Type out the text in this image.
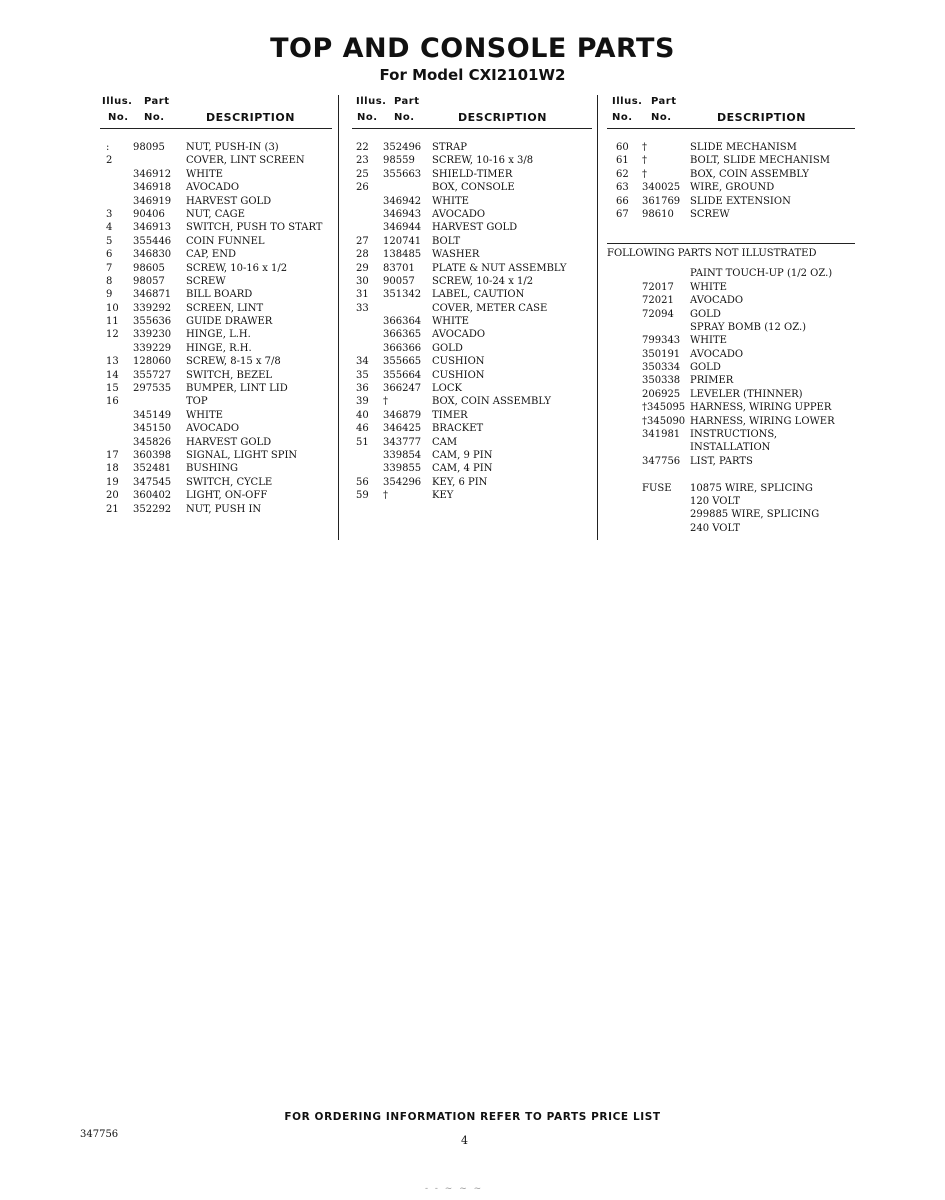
TOP AND CONSOLE PARTS
For Model CXI2101W2
Illus. Part
No. No.	DESCRIPTION
:	98095 NUT, PUSH-IN (3)
2	COVER, LINT SCREEN
346912 WHITE
346918 AVOCADO
346919 HARVEST GOLD
3	90406 NUT, CAGE
4	346913 SWITCH, PUSH TO START
5	355446 COIN FUNNEL
6	346830 CAP, END
7	98605 SCREW, 10-16 x 1/2
8	98057 SCREW
9	346871 BILL BOARD
10	339292 SCREEN, LINT
11	355636 GUIDE DRAWER
12	339230 HINGE, L.H.
339229 HINGE, R.H.
13	128060 SCREW, 8-15 x 7/8
14	355727 SWITCH, BEZEL
15	297535 BUMPER, LINT LID
16	TOP
345149 WHITE
345150 AVOCADO
345826 HARVEST GOLD
17	360398 SIGNAL, LIGHT SPIN
18	352481 BUSHING
19	347545 SWITCH, CYCLE
20	360402 LIGHT, ON-OFF
21	352292 NUT, PUSH IN
Illus. Part
No. No.	DESCRIPTION
22 352496 STRAP
23 98559 SCREW, 10-16 x 3/8
25 355663 SHIELD-TIMER
26	BOX, CONSOLE
346942 WHITE
346943 AVOCADO
346944 HARVEST GOLD
27 120741 BOLT
28 138485 WASHER
29 83701 PLATE & NUT ASSEMBLY
30 90057 SCREW, 10-24 x 1/2
31 351342 LABEL, CAUTION
33	COVER, METER CASE
366364 WHITE
366365 AVOCADO
366366 GOLD
34 355665 CUSHION
35 355664 CUSHION
36 366247 LOCK
39 †	BOX, COIN ASSEMBLY
40 346879 TIMER
46 346425 BRACKET
51 343777 CAM
339854 CAM, 9 PIN
339855 CAM, 4 PIN
56 354296 KEY, 6 PIN
59 †	KEY
Illus. Part
No. No.	DESCRIPTION
60 †	SLIDE MECHANISM
61 †	BOLT, SLIDE MECHANISM
62 †	BOX, COIN ASSEMBLY
63 340025 WIRE, GROUND
66 361769 SLIDE EXTENSION
67 98610 SCREW
FOLLOWING PARTS NOT ILLUSTRATED
PAINT TOUCH-UP (1/2 OZ.)
72017 WHITE
72021 AVOCADO
72094 GOLD
SPRAY BOMB (12 OZ.)
799343 WHITE
350191 AVOCADO
350334 GOLD
350338 PRIMER
206925 LEVELER (THINNER)
†345095 HARNESS, WIRING UPPER
†345090 HARNESS, WIRING LOWER
341981 INSTRUCTIONS,
INSTALLATION
347756 LIST, PARTS
FUSE 10875 WIRE, SPLICING
120 VOLT
299885 WIRE, SPLICING
240 VOLT
FOR ORDERING INFORMATION REFER TO PARTS PRICE LIST
347756	4
- - ~ ~ ~
